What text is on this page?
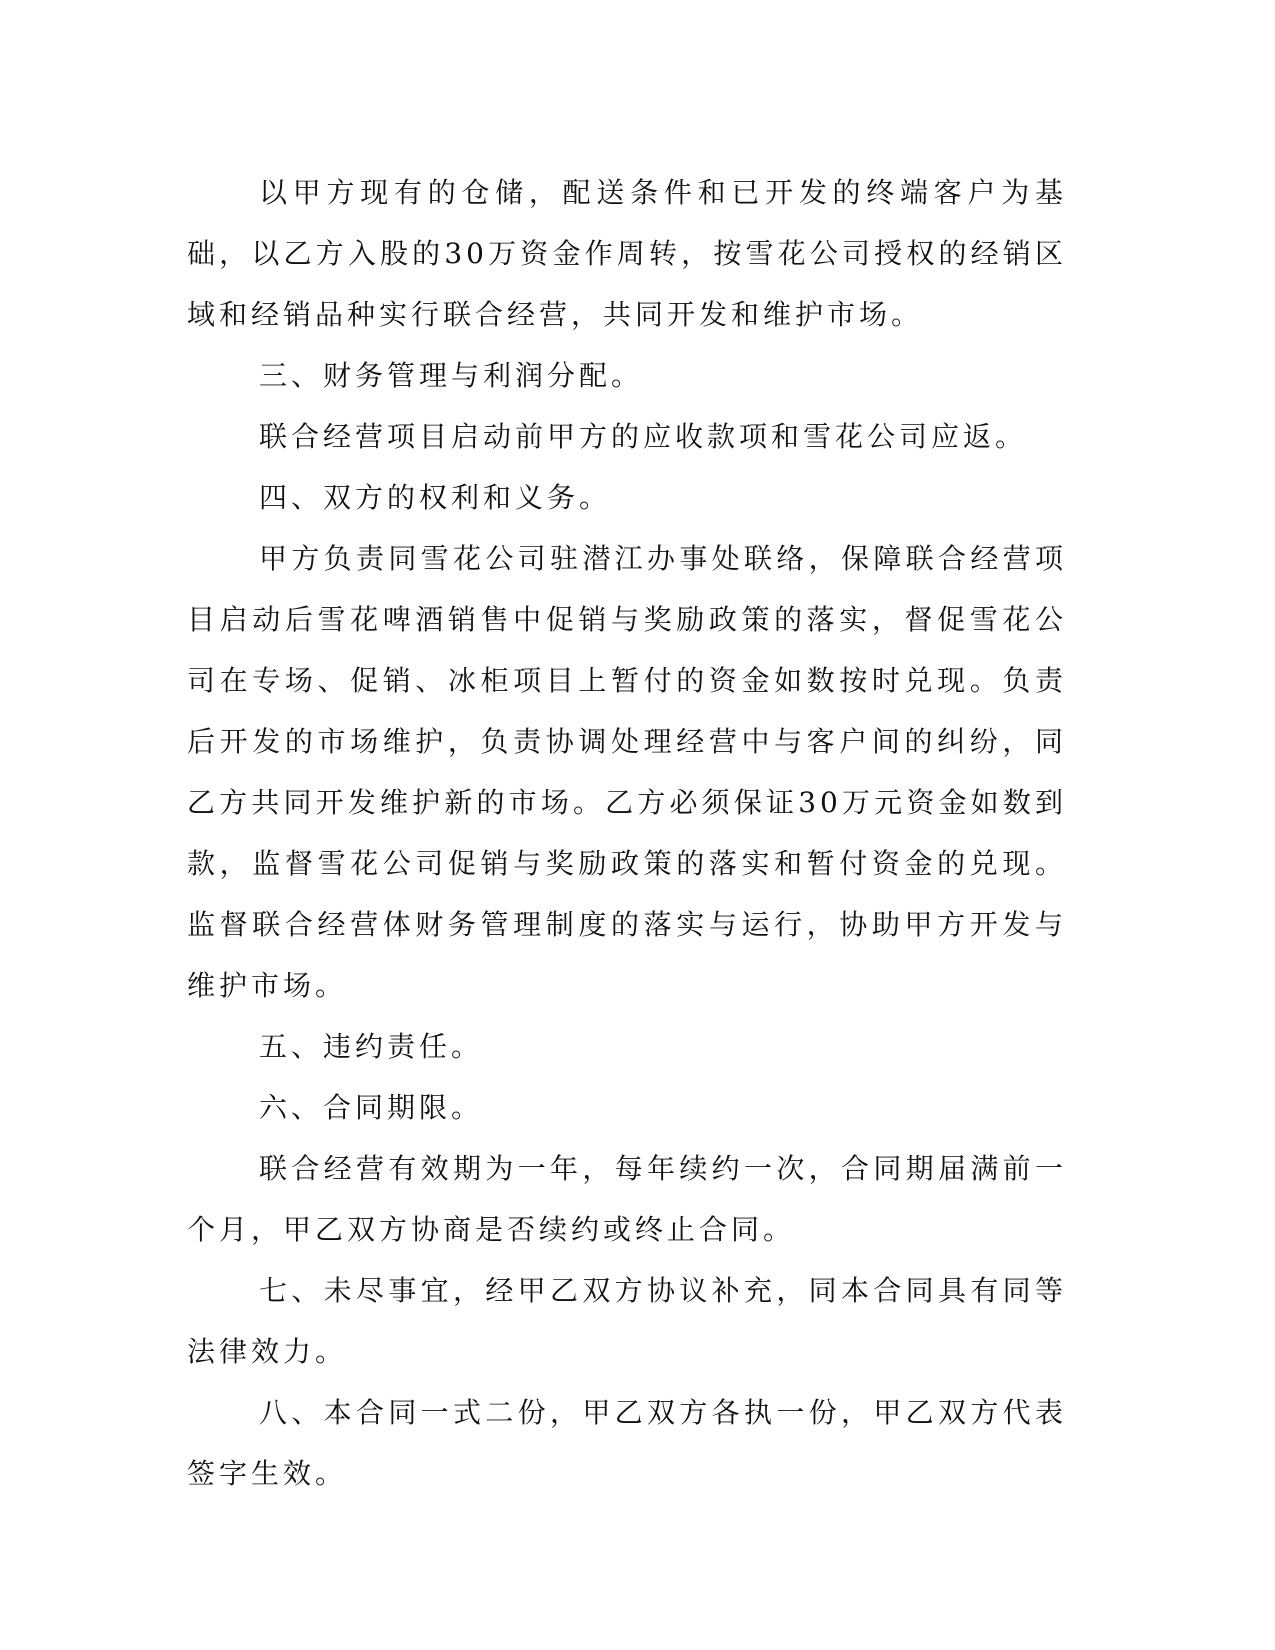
以甲方现有的仓储，配送条件和已开发的终端客户为基础，以乙方入股的30万资金作周转，按雪花公司授权的经销区域和经销品种实行联合经营，共同开发和维护市场。

三、财务管理与利润分配。

联合经营项目启动前甲方的应收款项和雪花公司应返。

四、双方的权利和义务。

甲方负责同雪花公司驻潜江办事处联络，保障联合经营项目启动后雪花啤酒销售中促销与奖励政策的落实，督促雪花公司在专场、促销、冰柜项目上暂付的资金如数按时兑现。负责后开发的市场维护，负责协调处理经营中与客户间的纠纷，同乙方共同开发维护新的市场。乙方必须保证30万元资金如数到款，监督雪花公司促销与奖励政策的落实和暂付资金的兑现。监督联合经营体财务管理制度的落实与运行，协助甲方开发与维护市场。

五、违约责任。

六、合同期限。

联合经营有效期为一年，每年续约一次，合同期届满前一个月，甲乙双方协商是否续约或终止合同。

七、未尽事宜，经甲乙双方协议补充，同本合同具有同等法律效力。

八、本合同一式二份，甲乙双方各执一份，甲乙双方代表签字生效。
